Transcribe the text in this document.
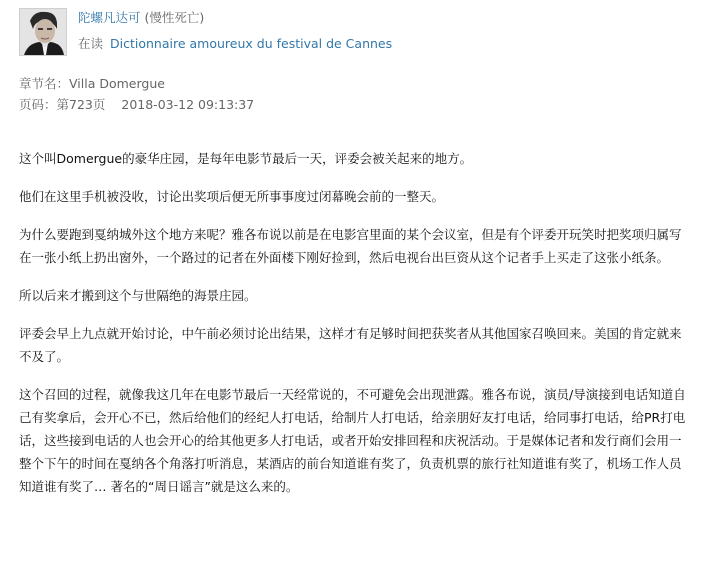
陀螺凡达可 (慢性死亡)
在读 Dictionnaire amoureux du festival de Cannes
章节名：Villa Domergue
页码：第723页 2018-03-12 09:13:37

这个叫Domergue的豪华庄园，是每年电影节最后一天，评委会被关起来的地方。

他们在这里手机被没收，讨论出奖项后便无所事事度过闭幕晚会前的一整天。

为什么要跑到戛纳城外这个地方来呢？雅各布说以前是在电影宫里面的某个会议室，但是有个评委开玩笑时把奖项归属写在一张小纸上扔出窗外，一个路过的记者在外面楼下刚好捡到，然后电视台出巨资从这个记者手上买走了这张小纸条。

所以后来才搬到这个与世隔绝的海景庄园。

评委会早上九点就开始讨论，中午前必须讨论出结果，这样才有足够时间把获奖者从其他国家召唤回来。美国的肯定就来不及了。

这个召回的过程，就像我这几年在电影节最后一天经常说的，不可避免会出现泄露。雅各布说，演员/导演接到电话知道自己有奖拿后，会开心不已，然后给他们的经纪人打电话，给制片人打电话，给亲朋好友打电话，给同事打电话，给PR打电话，这些接到电话的人也会开心的给其他更多人打电话，或者开始安排回程和庆祝活动。于是媒体记者和发行商们会用一整个下午的时间在戛纳各个角落打听消息，某酒店的前台知道谁有奖了，负责机票的旅行社知道谁有奖了，机场工作人员知道谁有奖了… 著名的“周日谣言”就是这么来的。
